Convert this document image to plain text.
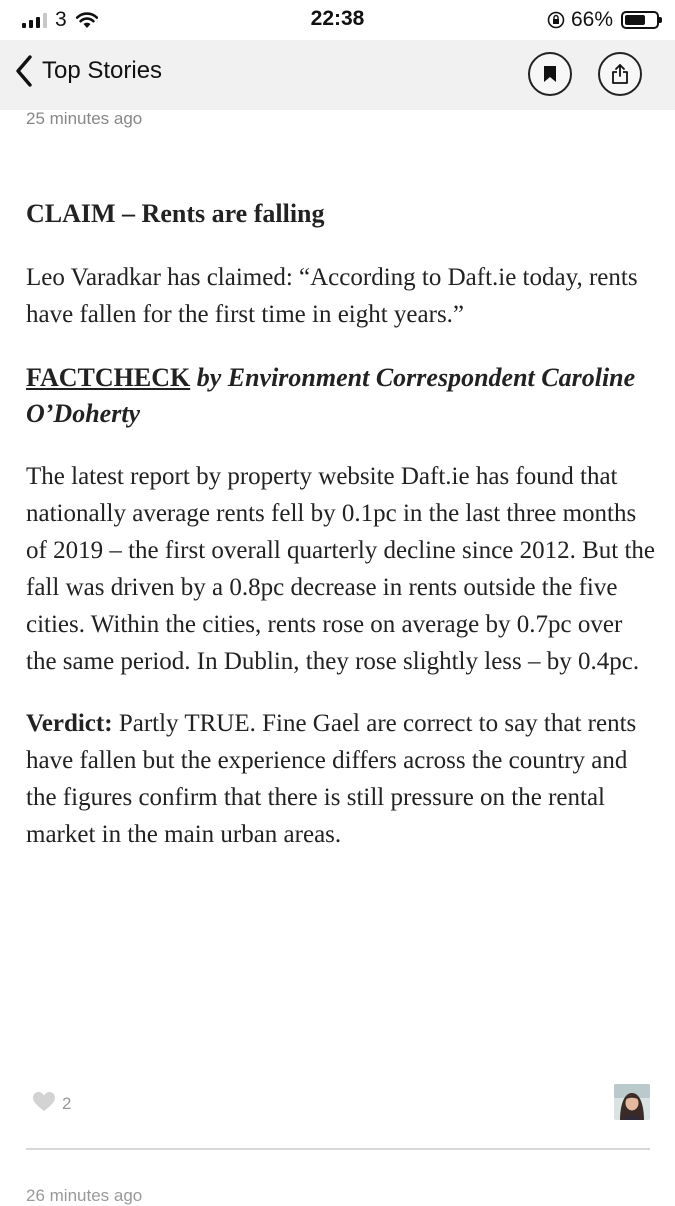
3	22:38	66%
Top Stories
25 minutes ago

CLAIM – Rents are falling

Leo Varadkar has claimed: “According to Daft.ie today, rents have fallen for the first time in eight years.”

FACTCHECK by Environment Correspondent Caroline O’Doherty

The latest report by property website Daft.ie has found that nationally average rents fell by 0.1pc in the last three months of 2019 – the first overall quarterly decline since 2012. But the fall was driven by a 0.8pc decrease in rents outside the five cities. Within the cities, rents rose on average by 0.7pc over the same period. In Dublin, they rose slightly less – by 0.4pc.

Verdict: Partly TRUE. Fine Gael are correct to say that rents have fallen but the experience differs across the country and the figures confirm that there is still pressure on the rental market in the main urban areas.

2
26 minutes ago
